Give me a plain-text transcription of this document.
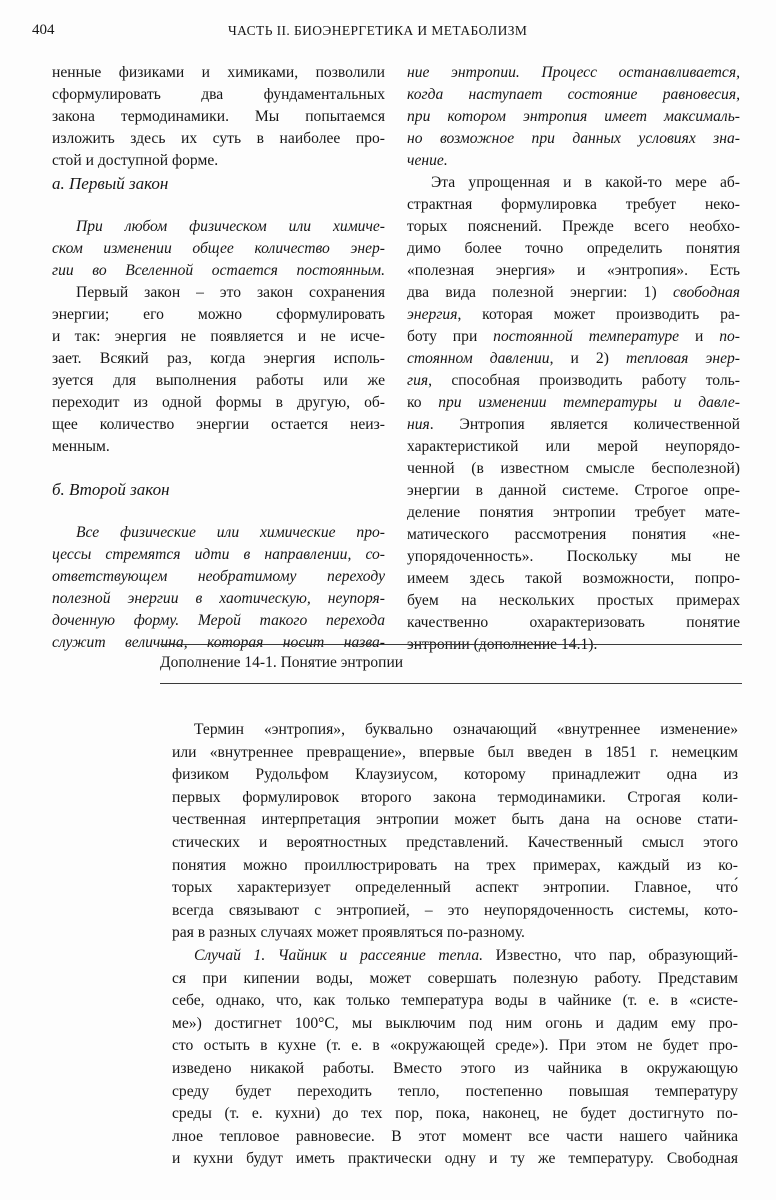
404	ЧАСТЬ II. БИОЭНЕРГЕТИКА И МЕТАБОЛИЗМ
ненные физиками и химиками, позволили
сформулировать два фундаментальных
закона термодинамики. Мы попытаемся
изложить здесь их суть в наиболее про-
стой и доступной форме.
а. Первый закон
При любом физическом или химиче-
ском изменении общее количество энер-
гии во Вселенной остается постоянным.
Первый закон – это закон сохранения
энергии; его можно сформулировать
и так: энергия не появляется и не исче-
зает. Всякий раз, когда энергия исполь-
зуется для выполнения работы или же
переходит из одной формы в другую, об-
щее количество энергии остается неиз-
менным.
б. Второй закон
Все физические или химические про-
цессы стремятся идти в направлении, со-
ответствующем необратимому переходу
полезной энергии в хаотическую, неупоря-
доченную форму. Мерой такого перехода
служит величина, которая носит назва-
ние энтропии. Процесс останавливается,
когда наступает состояние равновесия,
при котором энтропия имеет максималь-
но возможное при данных условиях зна-
чение.
Эта упрощенная и в какой-то мере аб-
страктная формулировка требует неко-
торых пояснений. Прежде всего необхо-
димо более точно определить понятия
«полезная энергия» и «энтропия». Есть
два вида полезной энергии: 1) свободная
энергия, которая может производить ра-
боту при постоянной температуре и по-
стоянном давлении, и 2) тепловая энер-
гия, способная производить работу толь-
ко при изменении температуры и давле-
ния. Энтропия является количественной
характеристикой или мерой неупорядо-
ченной (в известном смысле бесполезной)
энергии в данной системе. Строгое опре-
деление понятия энтропии требует мате-
матического рассмотрения понятия «не-
упорядоченность». Поскольку мы не
имеем здесь такой возможности, попро-
буем на нескольких простых примерах
качественно охарактеризовать понятие
энтропии (дополнение 14.1).
Дополнение 14-1. Понятие энтропии
Термин «энтропия», буквально означающий «внутреннее изменение»
или «внутреннее превращение», впервые был введен в 1851 г. немецким
физиком Рудольфом Клаузиусом, которому принадлежит одна из
первых формулировок второго закона термодинамики. Строгая коли-
чественная интерпретация энтропии может быть дана на основе стати-
стических и вероятностных представлений. Качественный смысл этого
понятия можно проиллюстрировать на трех примерах, каждый из ко-
торых характеризует определенный аспект энтропии. Главное, что́
всегда связывают с энтропией, – это неупорядоченность системы, кото-
рая в разных случаях может проявляться по-разному.
Случай 1. Чайник и рассеяние тепла. Известно, что пар, образующий-
ся при кипении воды, может совершать полезную работу. Представим
себе, однако, что, как только температура воды в чайнике (т. е. в «систе-
ме») достигнет 100°С, мы выключим под ним огонь и дадим ему про-
сто остыть в кухне (т. е. в «окружающей среде»). При этом не будет про-
изведено никакой работы. Вместо этого из чайника в окружающую
среду будет переходить тепло, постепенно повышая температуру
среды (т. е. кухни) до тех пор, пока, наконец, не будет достигнуто по-
лное тепловое равновесие. В этот момент все части нашего чайника
и кухни будут иметь практически одну и ту же температуру. Свободная
